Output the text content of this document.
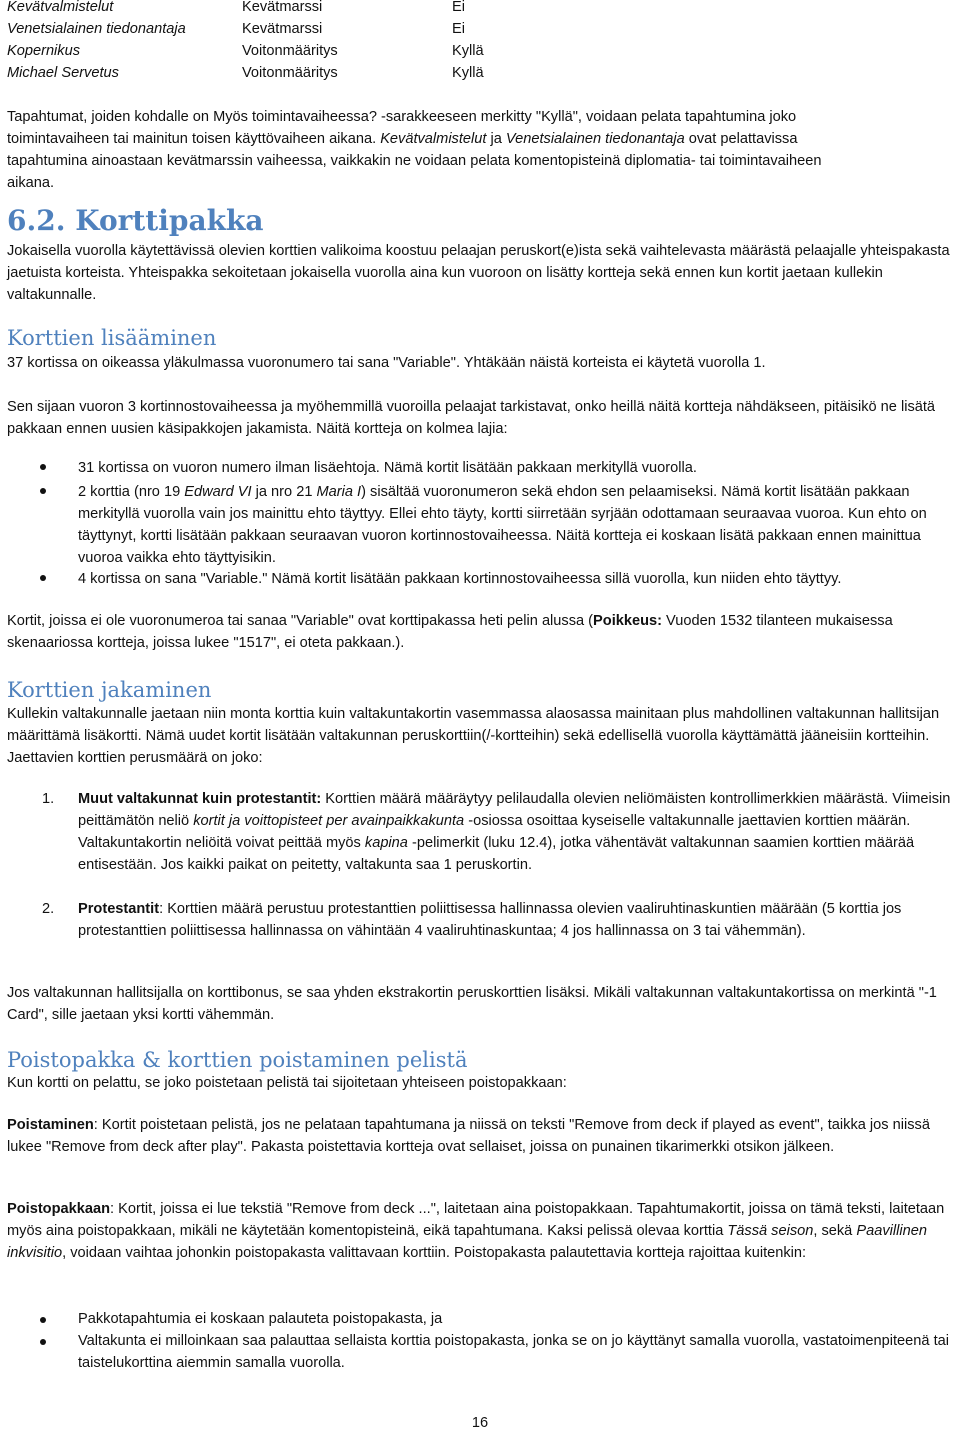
Kevätvalmistelut	Kevätmarssi	Ei
Venetsialainen tiedonantaja	Kevätmarssi	Ei
Kopernikus	Voitonmääritys	Kyllä
Michael Servetus	Voitonmääritys	Kyllä
Tapahtumat, joiden kohdalle on Myös toimintavaiheessa? -sarakkeeseen merkitty "Kyllä", voidaan pelata tapahtumina joko
toimintavaiheen tai mainitun toisen käyttövaiheen aikana. Kevätvalmistelut ja Venetsialainen tiedonantaja ovat pelattavissa
tapahtumina ainoastaan kevätmarssin vaiheessa, vaikkakin ne voidaan pelata komentopisteinä diplomatia- tai toimintavaiheen
aikana.
6.2. Korttipakka
Jokaisella vuorolla käytettävissä olevien korttien valikoima koostuu pelaajan peruskort(e)ista sekä vaihtelevasta määrästä pelaajalle yhteispakasta jaetuista korteista. Yhteispakka sekoitetaan jokaisella vuorolla aina kun vuoroon on lisätty kortteja sekä ennen kun kortit jaetaan kullekin valtakunnalle.
Korttien lisääminen
37 kortissa on oikeassa yläkulmassa vuoronumero tai sana "Variable". Yhtäkään näistä korteista ei käytetä vuorolla 1.
Sen sijaan vuoron 3 kortinnostovaiheessa ja myöhemmillä vuoroilla pelaajat tarkistavat, onko heillä näitä kortteja nähdäkseen, pitäisikö ne lisätä pakkaan ennen uusien käsipakkojen jakamista. Näitä kortteja on kolmea lajia:
31 kortissa on vuoron numero ilman lisäehtoja. Nämä kortit lisätään pakkaan merkityllä vuorolla.
2 korttia (nro 19 Edward VI ja nro 21 Maria I) sisältää vuoronumeron sekä ehdon sen pelaamiseksi. Nämä kortit lisätään pakkaan merkityllä vuorolla vain jos mainittu ehto täyttyy. Ellei ehto täyty, kortti siirretään syrjään odottamaan seuraavaa vuoroa. Kun ehto on täyttynyt, kortti lisätään pakkaan seuraavan vuoron kortinnostovaiheessa. Näitä kortteja ei koskaan lisätä pakkaan ennen mainittua vuoroa vaikka ehto täyttyisikin.
4 kortissa on sana "Variable." Nämä kortit lisätään pakkaan kortinnostovaiheessa sillä vuorolla, kun niiden ehto täyttyy.
Kortit, joissa ei ole vuoronumeroa tai sanaa "Variable" ovat korttipakassa heti pelin alussa (Poikkeus: Vuoden 1532 tilanteen mukaisessa skenaariossa kortteja, joissa lukee "1517", ei oteta pakkaan.).
Korttien jakaminen
Kullekin valtakunnalle jaetaan niin monta korttia kuin valtakuntakortin vasemmassa alaosassa mainitaan plus mahdollinen valtakunnan hallitsijan määrittämä lisäkortti. Nämä uudet kortit lisätään valtakunnan peruskorttiin(/-kortteihin) sekä edellisellä vuorolla käyttämättä jääneisiin kortteihin. Jaettavien korttien perusmäärä on joko:
1. Muut valtakunnat kuin protestantit: Korttien määrä määräytyy pelilaudalla olevien neliömäisten kontrollimerkkien määrästä. Viimeisin peittämätön neliö kortit ja voittopisteet per avainpaikkakunta -osiossa osoittaa kyseiselle valtakunnalle jaettavien korttien määrän. Valtakuntakortin neliöitä voivat peittää myös kapina -pelimerkit (luku 12.4), jotka vähentävät valtakunnan saamien korttien määrää entisestään. Jos kaikki paikat on peitetty, valtakunta saa 1 peruskortin.
2. Protestantit: Korttien määrä perustuu protestanttien poliittisessa hallinnassa olevien vaaliruhtinaskuntien määrään (5 korttia jos protestanttien poliittisessa hallinnassa on vähintään 4 vaaliruhtinaskuntaa; 4 jos hallinnassa on 3 tai vähemmän).
Jos valtakunnan hallitsijalla on korttibonus, se saa yhden ekstrakortin peruskorttien lisäksi. Mikäli valtakunnan valtakuntakortissa on merkintä "-1 Card", sille jaetaan yksi kortti vähemmän.
Poistopakka & korttien poistaminen pelistä
Kun kortti on pelattu, se joko poistetaan pelistä tai sijoitetaan yhteiseen poistopakkaan:
Poistaminen: Kortit poistetaan pelistä, jos ne pelataan tapahtumana ja niissä on teksti "Remove from deck if played as event", taikka jos niissä lukee "Remove from deck after play". Pakasta poistettavia kortteja ovat sellaiset, joissa on punainen tikarimerkki otsikon jälkeen.
Poistopakkaan: Kortit, joissa ei lue tekstiä "Remove from deck ...", laitetaan aina poistopakkaan. Tapahtumakortit, joissa on tämä teksti, laitetaan myös aina poistopakkaan, mikäli ne käytetään komentopisteinä, eikä tapahtumana. Kaksi pelissä olevaa korttia Tässä seison, sekä Paavillinen inkvisitio, voidaan vaihtaa johonkin poistopakasta valittavaan korttiin. Poistopakasta palautettavia kortteja rajoittaa kuitenkin:
Pakkotapahtumia ei koskaan palauteta poistopakasta, ja
Valtakunta ei milloinkaan saa palauttaa sellaista korttia poistopakasta, jonka se on jo käyttänyt samalla vuorolla, vastatoimenpiteenä tai taistelukorttina aiemmin samalla vuorolla.
16
